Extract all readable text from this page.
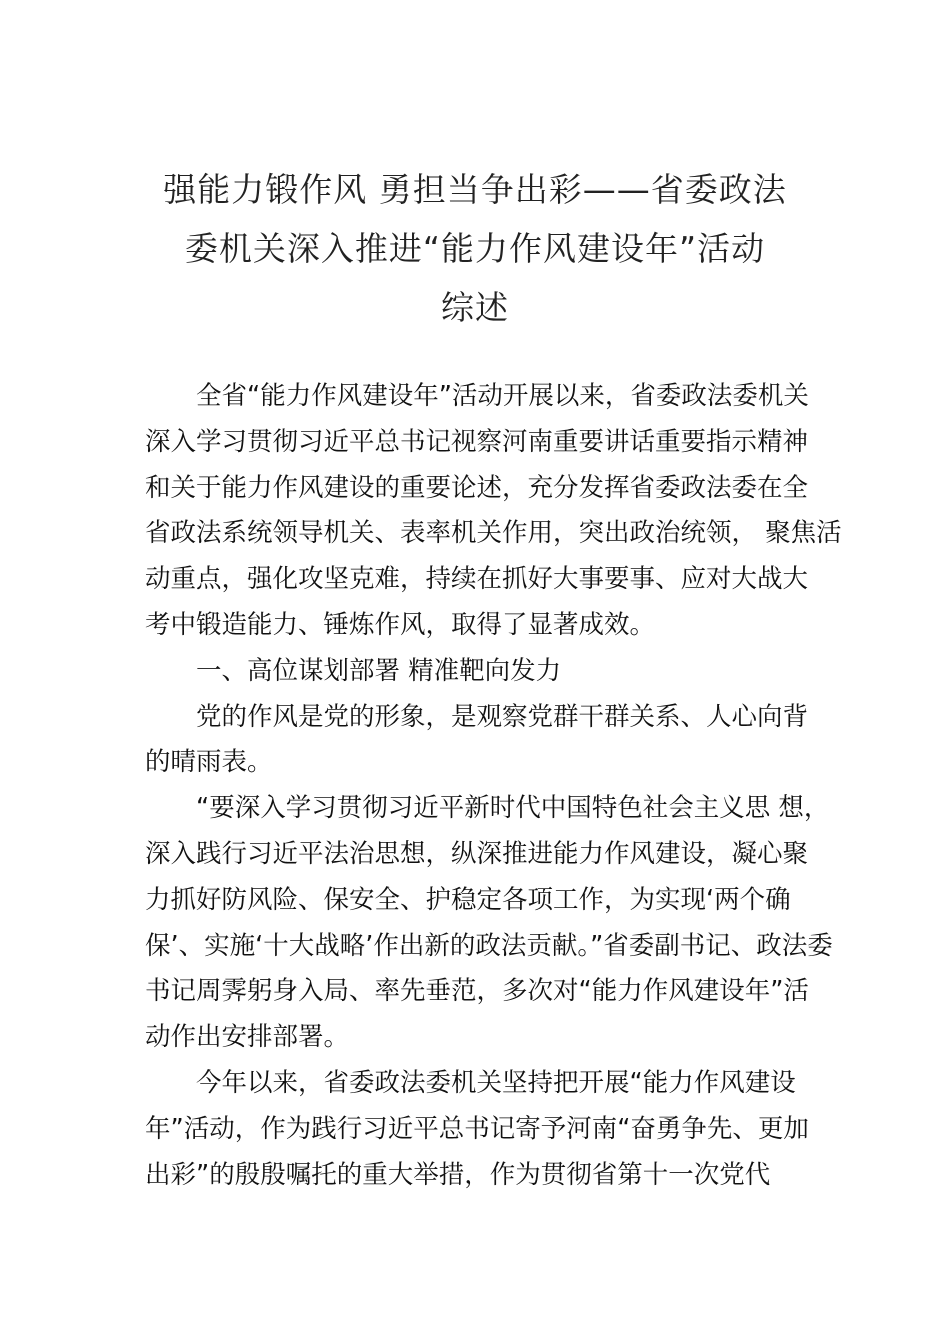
强能力锻作风 勇担当争出彩——省委政法
委机关深入推进“能力作风建设年”活动
综述
全省“能力作风建设年”活动开展以来，省委政法委机关
深入学习贯彻习近平总书记视察河南重要讲话重要指示精神
和关于能力作风建设的重要论述，充分发挥省委政法委在全
省政法系统领导机关、表率机关作用，突出政治统领， 聚焦活
动重点，强化攻坚克难，持续在抓好大事要事、应对大战大
考中锻造能力、锤炼作风，取得了显著成效。
一、高位谋划部署 精准靶向发力
党的作风是党的形象，是观察党群干群关系、人心向背
的晴雨表。
“要深入学习贯彻习近平新时代中国特色社会主义思 想，
深入践行习近平法治思想，纵深推进能力作风建设，凝心聚
力抓好防风险、保安全、护稳定各项工作，为实现‘两个确
保’、实施‘十大战略’作出新的政法贡献。”省委副书记、政法委
书记周霁躬身入局、率先垂范，多次对“能力作风建设年”活
动作出安排部署。
今年以来，省委政法委机关坚持把开展“能力作风建设
年”活动，作为践行习近平总书记寄予河南“奋勇争先、更加
出彩”的殷殷嘱托的重大举措，作为贯彻省第十一次党代
